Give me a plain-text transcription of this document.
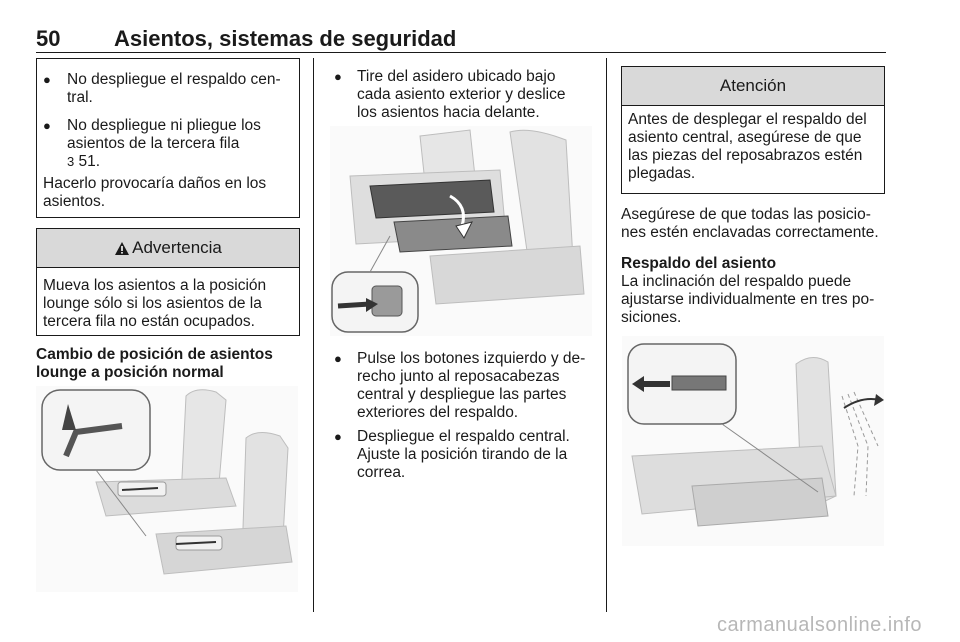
50 Asientos, sistemas de seguridad
● No despliegue el respaldo cen-
tral.
● No despliegue ni pliegue los
asientos de la tercera fila
3 51.
Hacerlo provocaría daños en los
asientos.
Advertencia
Mueva los asientos a la posición
lounge sólo si los asientos de la
tercera fila no están ocupados.
Cambio de posición de asientos
lounge a posición normal
● Tire del asidero ubicado bajo
cada asiento exterior y deslice
los asientos hacia delante.
● Pulse los botones izquierdo y de-
recho junto al reposacabezas
central y despliegue las partes
exteriores del respaldo.
● Despliegue el respaldo central.
Ajuste la posición tirando de la
correa.
Atención
Antes de desplegar el respaldo del
asiento central, asegúrese de que
las piezas del reposabrazos estén
plegadas.
Asegúrese de que todas las posicio-
nes estén enclavadas correctamente.
Respaldo del asiento
La inclinación del respaldo puede
ajustarse individualmente en tres po-
siciones.
carmanualsonline.info
